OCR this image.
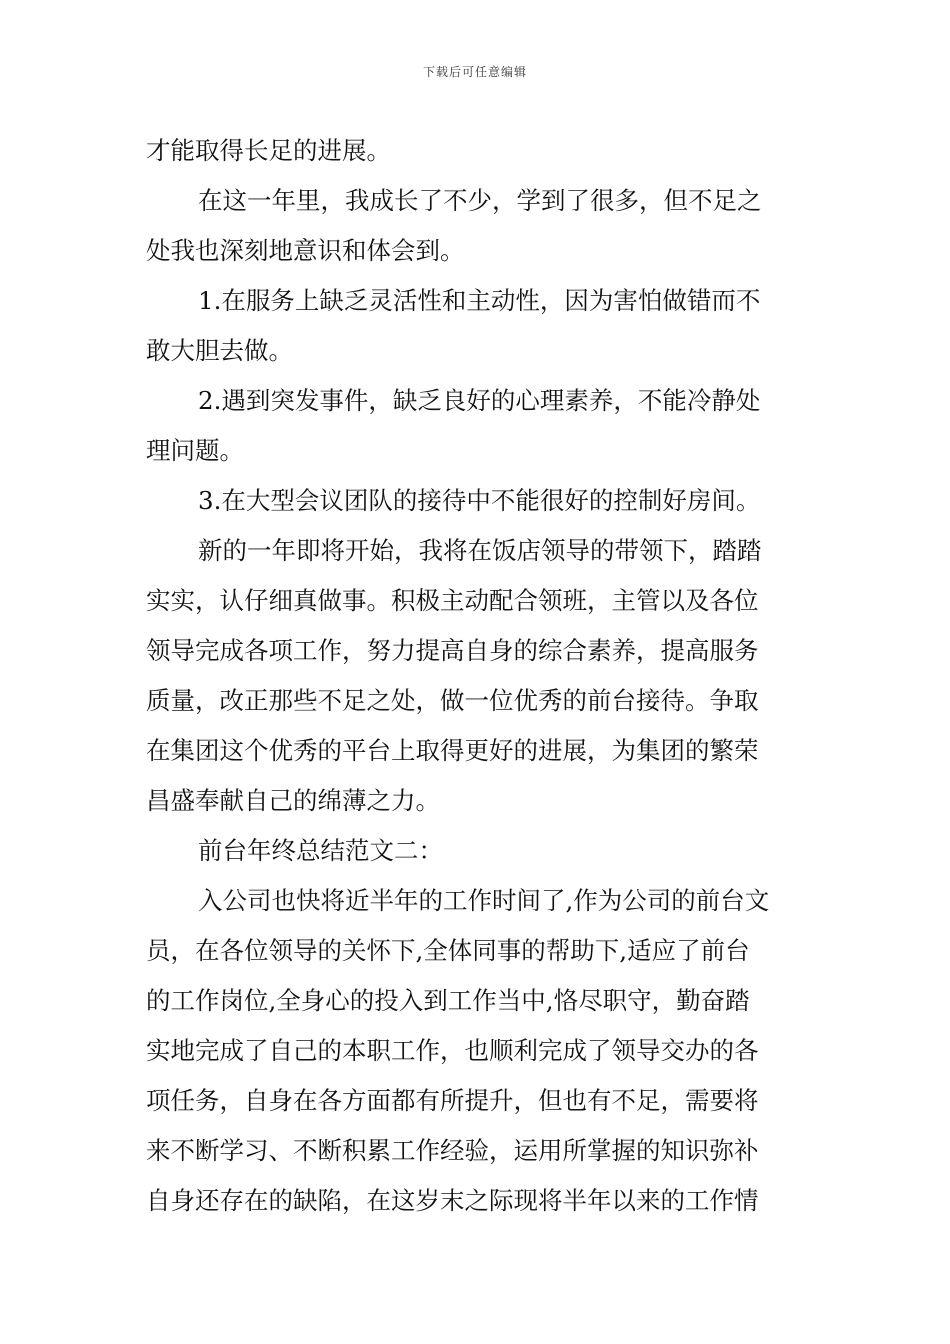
下载后可任意编辑
才能取得长足的进展。
在这一年里，我成长了不少，学到了很多，但不足之
处我也深刻地意识和体会到。
1.在服务上缺乏灵活性和主动性，因为害怕做错而不
敢大胆去做。
2.遇到突发事件，缺乏良好的心理素养，不能冷静处
理问题。
3.在大型会议团队的接待中不能很好的控制好房间。
新的一年即将开始，我将在饭店领导的带领下，踏踏
实实，认仔细真做事。积极主动配合领班，主管以及各位
领导完成各项工作，努力提高自身的综合素养，提高服务
质量，改正那些不足之处，做一位优秀的前台接待。争取
在集团这个优秀的平台上取得更好的进展，为集团的繁荣
昌盛奉献自己的绵薄之力。
前台年终总结范文二：
入公司也快将近半年的工作时间了,作为公司的前台文
员，在各位领导的关怀下,全体同事的帮助下,适应了前台
的工作岗位,全身心的投入到工作当中,恪尽职守，勤奋踏
实地完成了自己的本职工作，也顺利完成了领导交办的各
项任务，自身在各方面都有所提升，但也有不足，需要将
来不断学习、不断积累工作经验，运用所掌握的知识弥补
自身还存在的缺陷，在这岁末之际现将半年以来的工作情
